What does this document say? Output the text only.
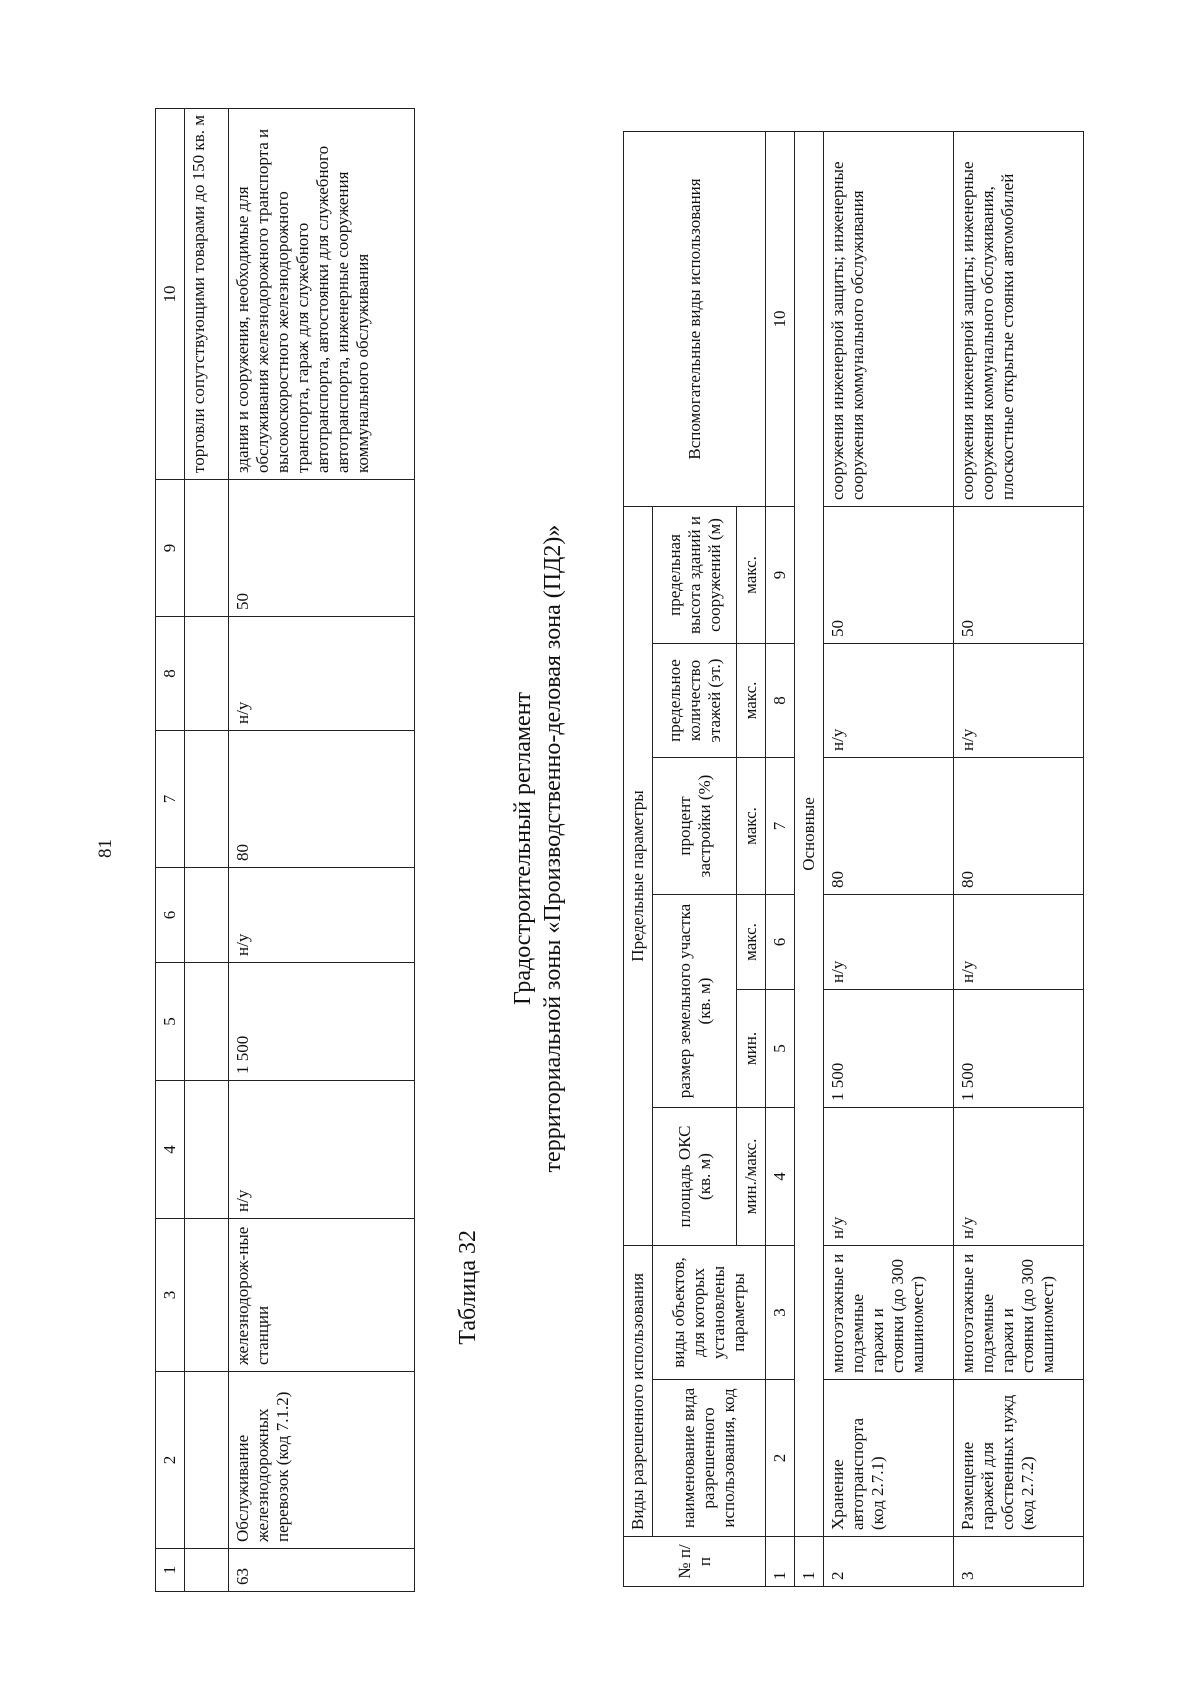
81
1	2	3	4	5	6	7	8	9	10
									торговли сопутствующими товарами до 150 кв. м
63	Обслуживание железнодорожных перевозок (код 7.1.2)	железнодорож-ные станции	н/у	1 500	н/у	80	н/у	50	здания и сооружения, необходимые для обслуживания железнодорожного транспорта и высокоскоростного железнодорожного транспорта, гараж для служебного автотранспорта, автостоянки для служебного автотранспорта, инженерные сооружения коммунального обслуживания
Таблица 32
Градостроительный регламент территориальной зоны «Производственно-деловая зона (ПД2)»
№ п/п	Виды разрешенного использования		Предельные параметры						Вспомогательные виды использования
	наименование вида разрешенного использования, код	виды объектов, для которых установлены параметры	площадь ОКС (кв. м)	размер земельного участка (кв. м)		процент застройки (%)	предельное количество этажей (эт.)	предельная высота зданий и сооружений (м)	
			мин./макс.	мин.	макс.	макс.	макс.	макс.	
1	2	3	4	5	6	7	8	9	10
1	Основные								
2	Хранение автотранспорта (код 2.7.1)	многоэтажные и подземные гаражи и стоянки (до 300 машиномест)	н/у	1 500	н/у	80	н/у	50	сооружения инженерной защиты; инженерные сооружения коммунального обслуживания
3	Размещение гаражей для собственных нужд (код 2.7.2)	многоэтажные и подземные гаражи и стоянки (до 300 машиномест)	н/у	1 500	н/у	80	н/у	50	сооружения инженерной защиты; инженерные сооружения коммунального обслуживания, плоскостные открытые стоянки автомобилей
